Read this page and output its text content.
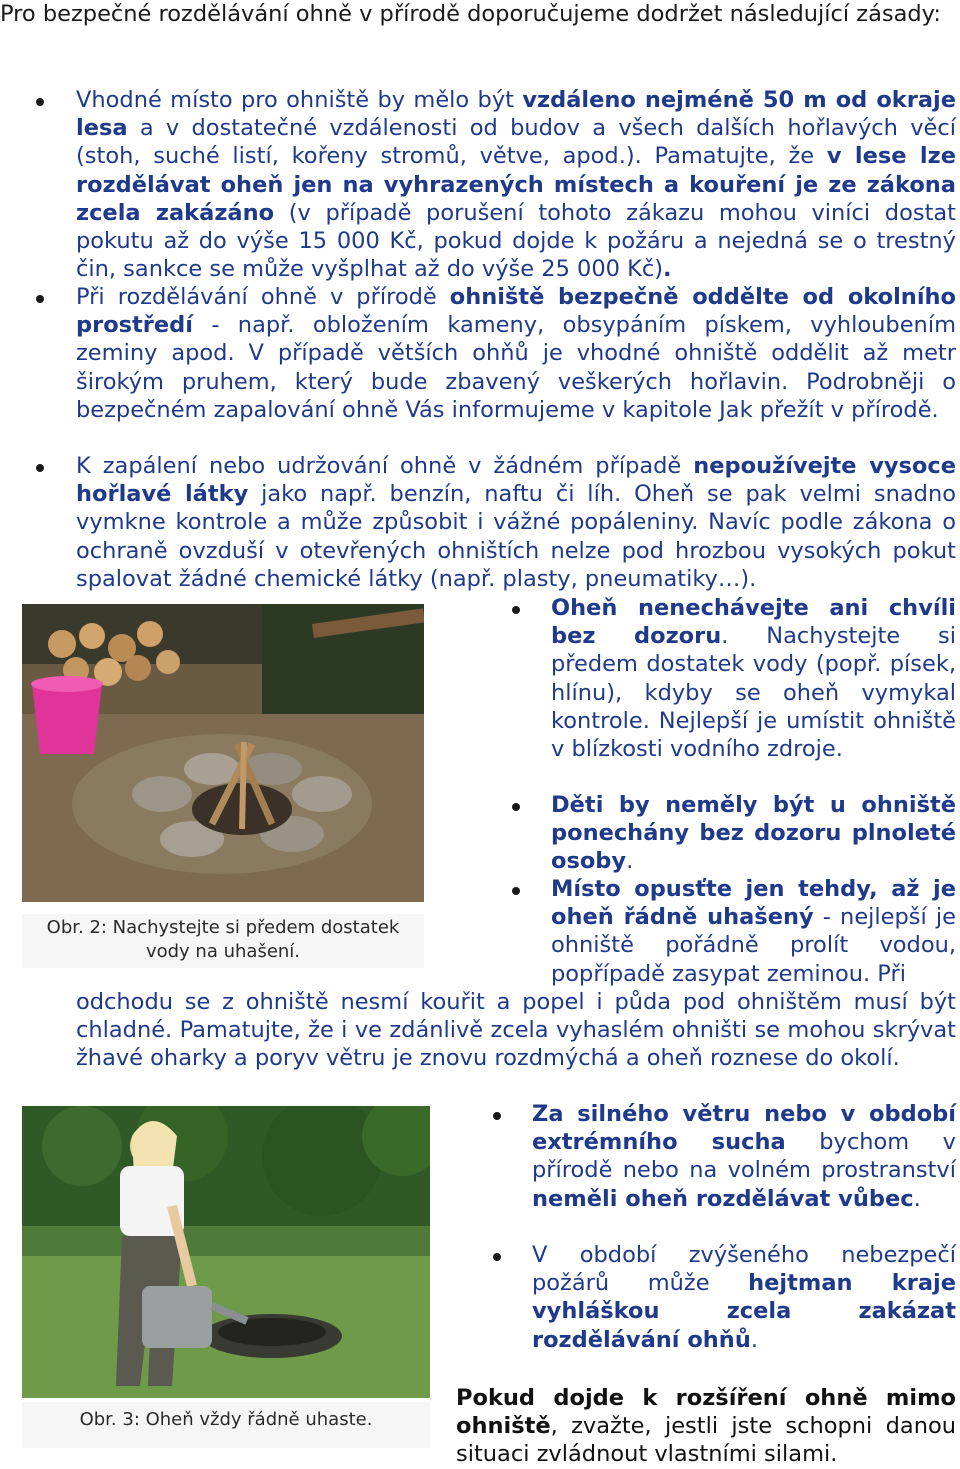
Pro bezpečné rozdělávání ohně v přírodě doporučujeme dodržet následující zásady:
Vhodné místo pro ohniště by mělo být vzdáleno nejméně 50 m od okraje lesa a v dostatečné vzdálenosti od budov a všech dalších hořlavých věcí (stoh, suché listí, kořeny stromů, větve, apod.). Pamatujte, že v lese lze rozdělávat oheň jen na vyhrazených místech a kouření je ze zákona zcela zakázáno (v případě porušení tohoto zákazu mohou viníci dostat pokutu až do výše 15 000 Kč, pokud dojde k požáru a nejedná se o trestný čin, sankce se může vyšplhat až do výše 25 000 Kč).
Při rozdělávání ohně v přírodě ohniště bezpečně oddělte od okolního prostředí - např. obložením kameny, obsypáním pískem, vyhloubením zeminy apod. V případě větších ohňů je vhodné ohniště oddělit až metr širokým pruhem, který bude zbavený veškerých hořlavin. Podrobněji o bezpečném zapalování ohně Vás informujeme v kapitole Jak přežít v přírodě.
K zapálení nebo udržování ohně v žádném případě nepoužívejte vysoce hořlavé látky jako např. benzín, naftu či líh. Oheň se pak velmi snadno vymkne kontrole a může způsobit i vážné popáleniny. Navíc podle zákona o ochraně ovzduší v otevřených ohništích nelze pod hrozbou vysokých pokut spalovat žádné chemické látky (např. plasty, pneumatiky…).
Obr. 2: Nachystejte si předem dostatek vody na uhašení.
Oheň nenechávejte ani chvíli bez dozoru. Nachystejte si předem dostatek vody (popř. písek, hlínu), kdyby se oheň vymykal kontrole. Nejlepší je umístit ohniště v blízkosti vodního zdroje.
Děti by neměly být u ohniště ponechány bez dozoru plnoleté osoby.
Místo opusťte jen tehdy, až je oheň řádně uhašený - nejlepší je ohniště pořádně prolít vodou, popřípadě zasypat zeminou. Při
odchodu se z ohniště nesmí kouřit a popel i půda pod ohništěm musí být chladné. Pamatujte, že i ve zdánlivě zcela vyhaslém ohništi se mohou skrývat žhavé oharky a poryv větru je znovu rozdmýchá a oheň roznese do okolí.
Obr. 3: Oheň vždy řádně uhaste.
Za silného větru nebo v období extrémního sucha bychom v přírodě nebo na volném prostranství neměli oheň rozdělávat vůbec.
V období zvýšeného nebezpečí požárů může hejtman kraje vyhláškou zcela zakázat rozdělávání ohňů.
Pokud dojde k rozšíření ohně mimo ohniště, zvažte, jestli jste schopni danou situaci zvládnout vlastními silami.
